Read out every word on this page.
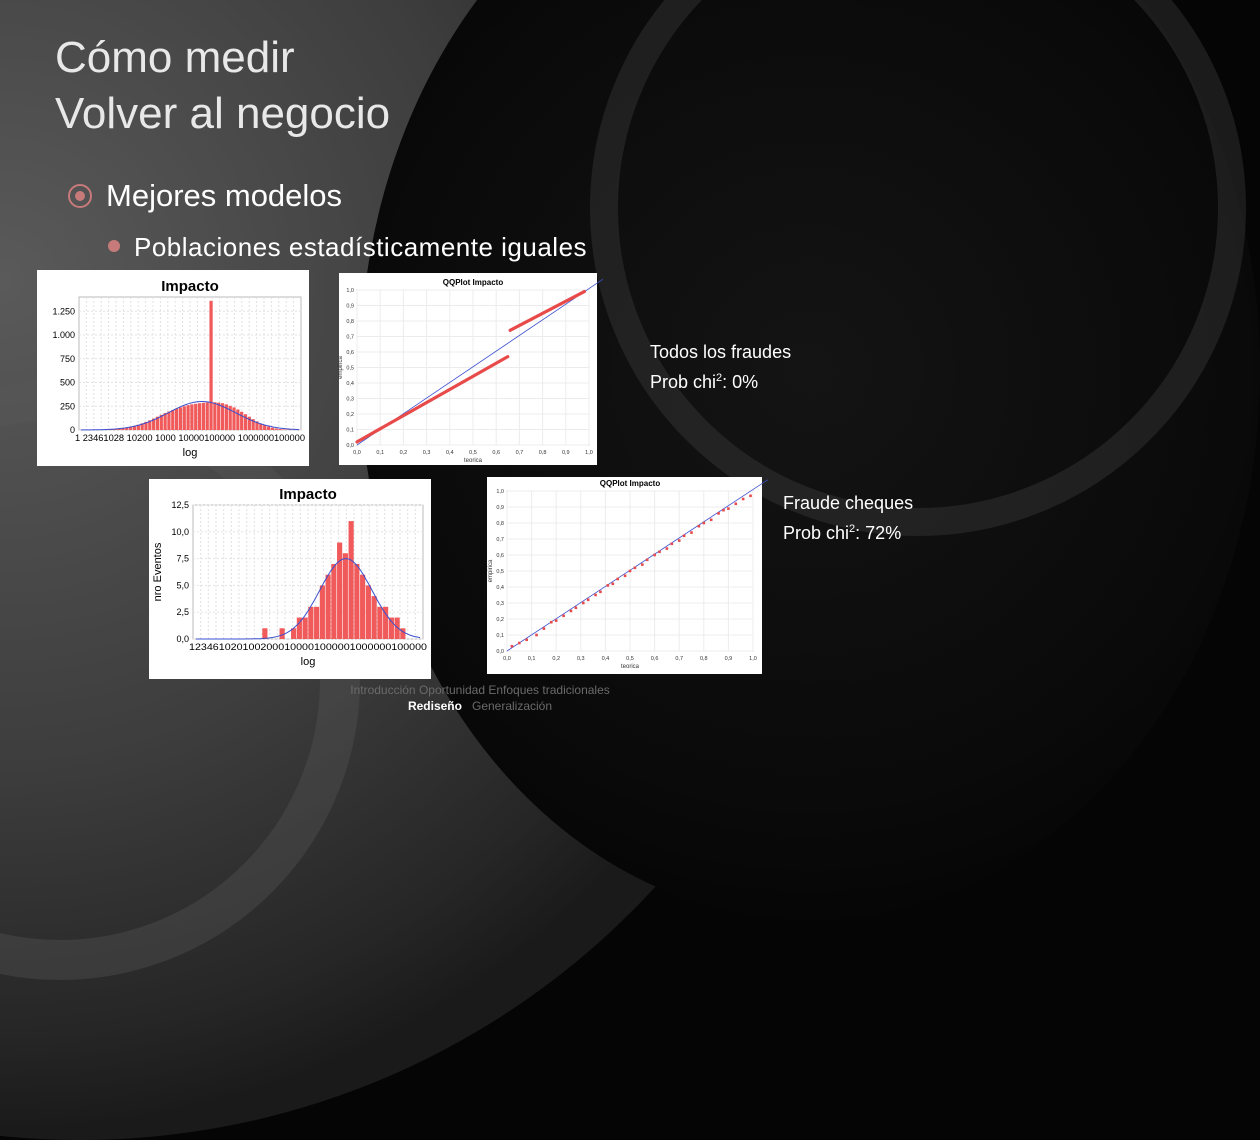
Cómo medir
Volver al negocio
Mejores modelos
Poblaciones estadísticamente iguales
Impacto
1.250
1.000
750
500
250
0
1 23461028 10200 1000 10000100000 1000000100000
log
QQPlot Impacto
0,0
0,0
0,1
0,1
0,2
0,2
0,3
0,3
0,4
0,4
0,5
0,5
0,6
0,6
0,7
0,7
0,8
0,8
0,9
0,9
1,0
1,0
teorica
empirica
Impacto
12,5
10,0
7,5
5,0
2,5
0,0
1234610201002000100001000001000000100000
log
nro Eventos
QQPlot Impacto
0,0
0,0
0,1
0,1
0,2
0,2
0,3
0,3
0,4
0,4
0,5
0,5
0,6
0,6
0,7
0,7
0,8
0,8
0,9
0,9
1,0
1,0
teorica
empirica
Todos los fraudes
Prob chi$^2$: 0%
Fraude cheques
Prob chi$^2$: 72%
Introducción Oportunidad Enfoques tradicionales
Rediseño Generalización
